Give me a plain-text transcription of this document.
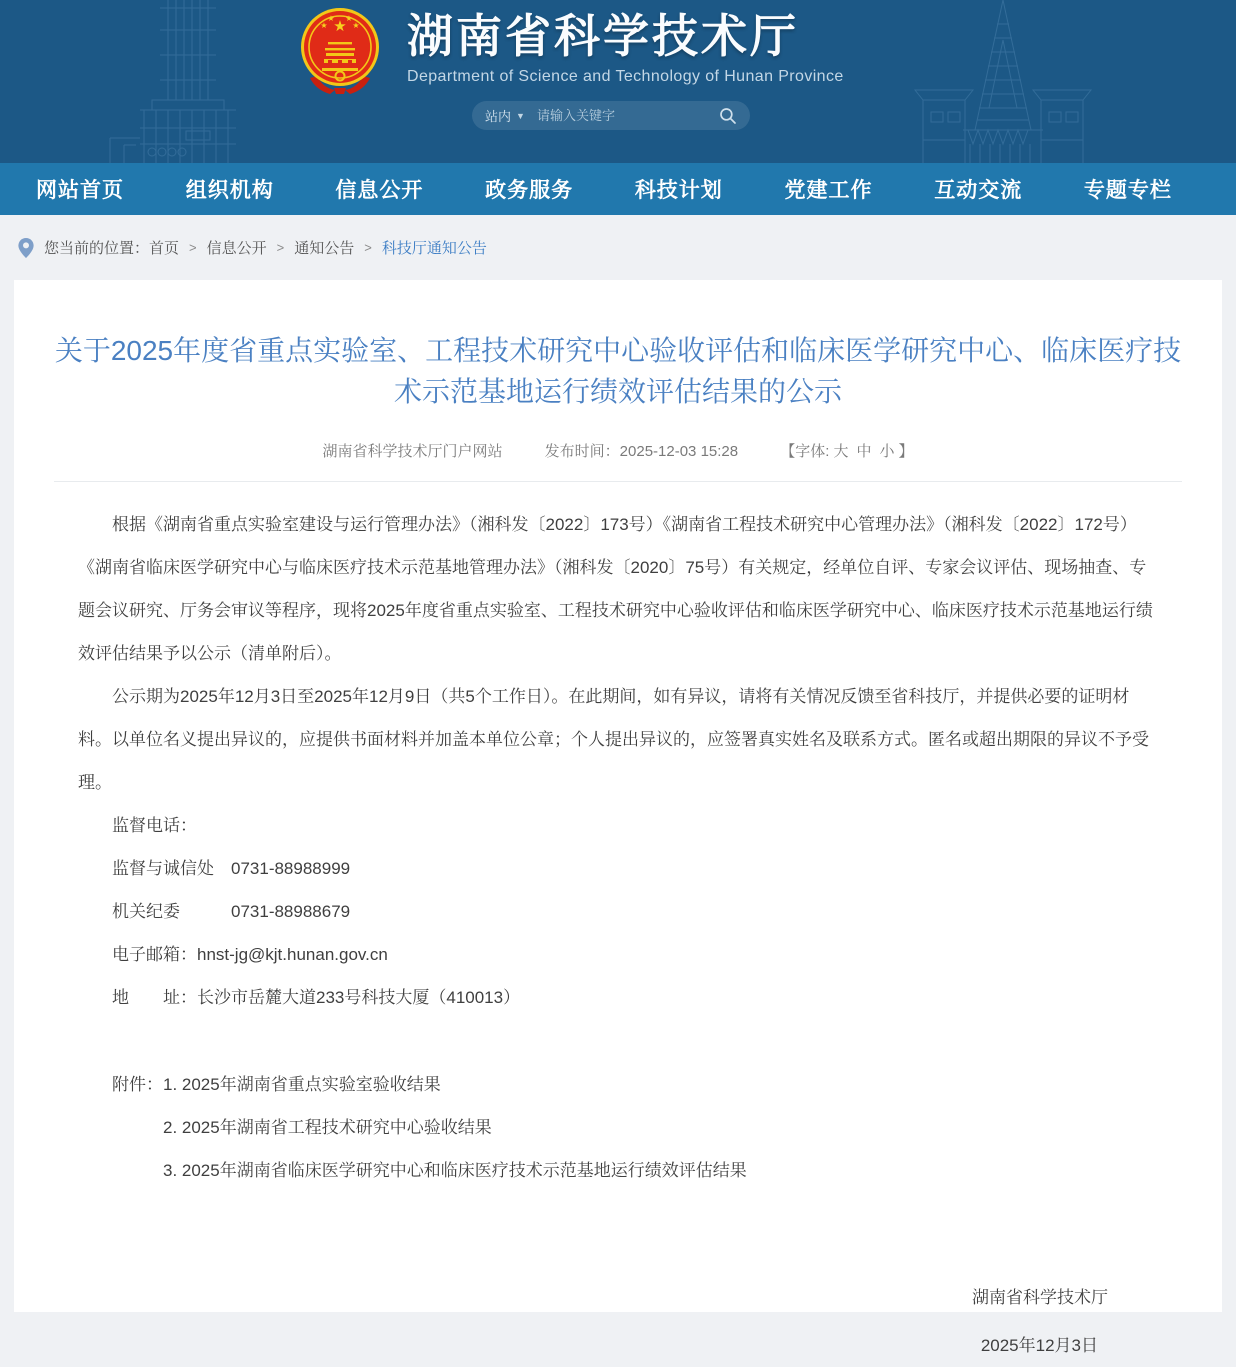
★
★
★ ★
★ 湖南省科学技术厅
Department of Science and Technology of Hunan Province
站内 ▼
请输入关键字
网站首页	组织机构	信息公开	政务服务	科技计划	党建工作	互动交流	专题专栏
您当前的位置： 首页 > 信息公开 > 通知公告 > 科技厅通知公告
关于2025年度省重点实验室、工程技术研究中心验收评估和临床医学研究中心、临床医疗技术示范基地运行绩效评估结果的公示
湖南省科学技术厅门户网站	发布时间：2025-12-03 15:28	【字体: 大 中 小 】

根据《湖南省重点实验室建设与运行管理办法》（湘科发〔2022〕173号）《湖南省工程技术研究中心管理办法》（湘科发〔2022〕172号）《湖南省临床医学研究中心与临床医疗技术示范基地管理办法》（湘科发〔2020〕75号）有关规定，经单位自评、专家会议评估、现场抽查、专题会议研究、厅务会审议等程序，现将2025年度省重点实验室、工程技术研究中心验收评估和临床医学研究中心、临床医疗技术示范基地运行绩效评估结果予以公示（清单附后）。

公示期为2025年12月3日至2025年12月9日（共5个工作日）。在此期间，如有异议，请将有关情况反馈至省科技厅，并提供必要的证明材料。以单位名义提出异议的，应提供书面材料并加盖本单位公章；个人提出异议的，应签署真实姓名及联系方式。匿名或超出期限的异议不予受理。

监督电话：

监督与诚信处　0731-88988999

机关纪委　　　0731-88988679

电子邮箱：hnst-jg@kjt.hunan.gov.cn

地　　址：长沙市岳麓大道233号科技大厦（410013）

附件：1. 2025年湖南省重点实验室验收结果

2. 2025年湖南省工程技术研究中心验收结果

3. 2025年湖南省临床医学研究中心和临床医疗技术示范基地运行绩效评估结果

湖南省科学技术厅

2025年12月3日
